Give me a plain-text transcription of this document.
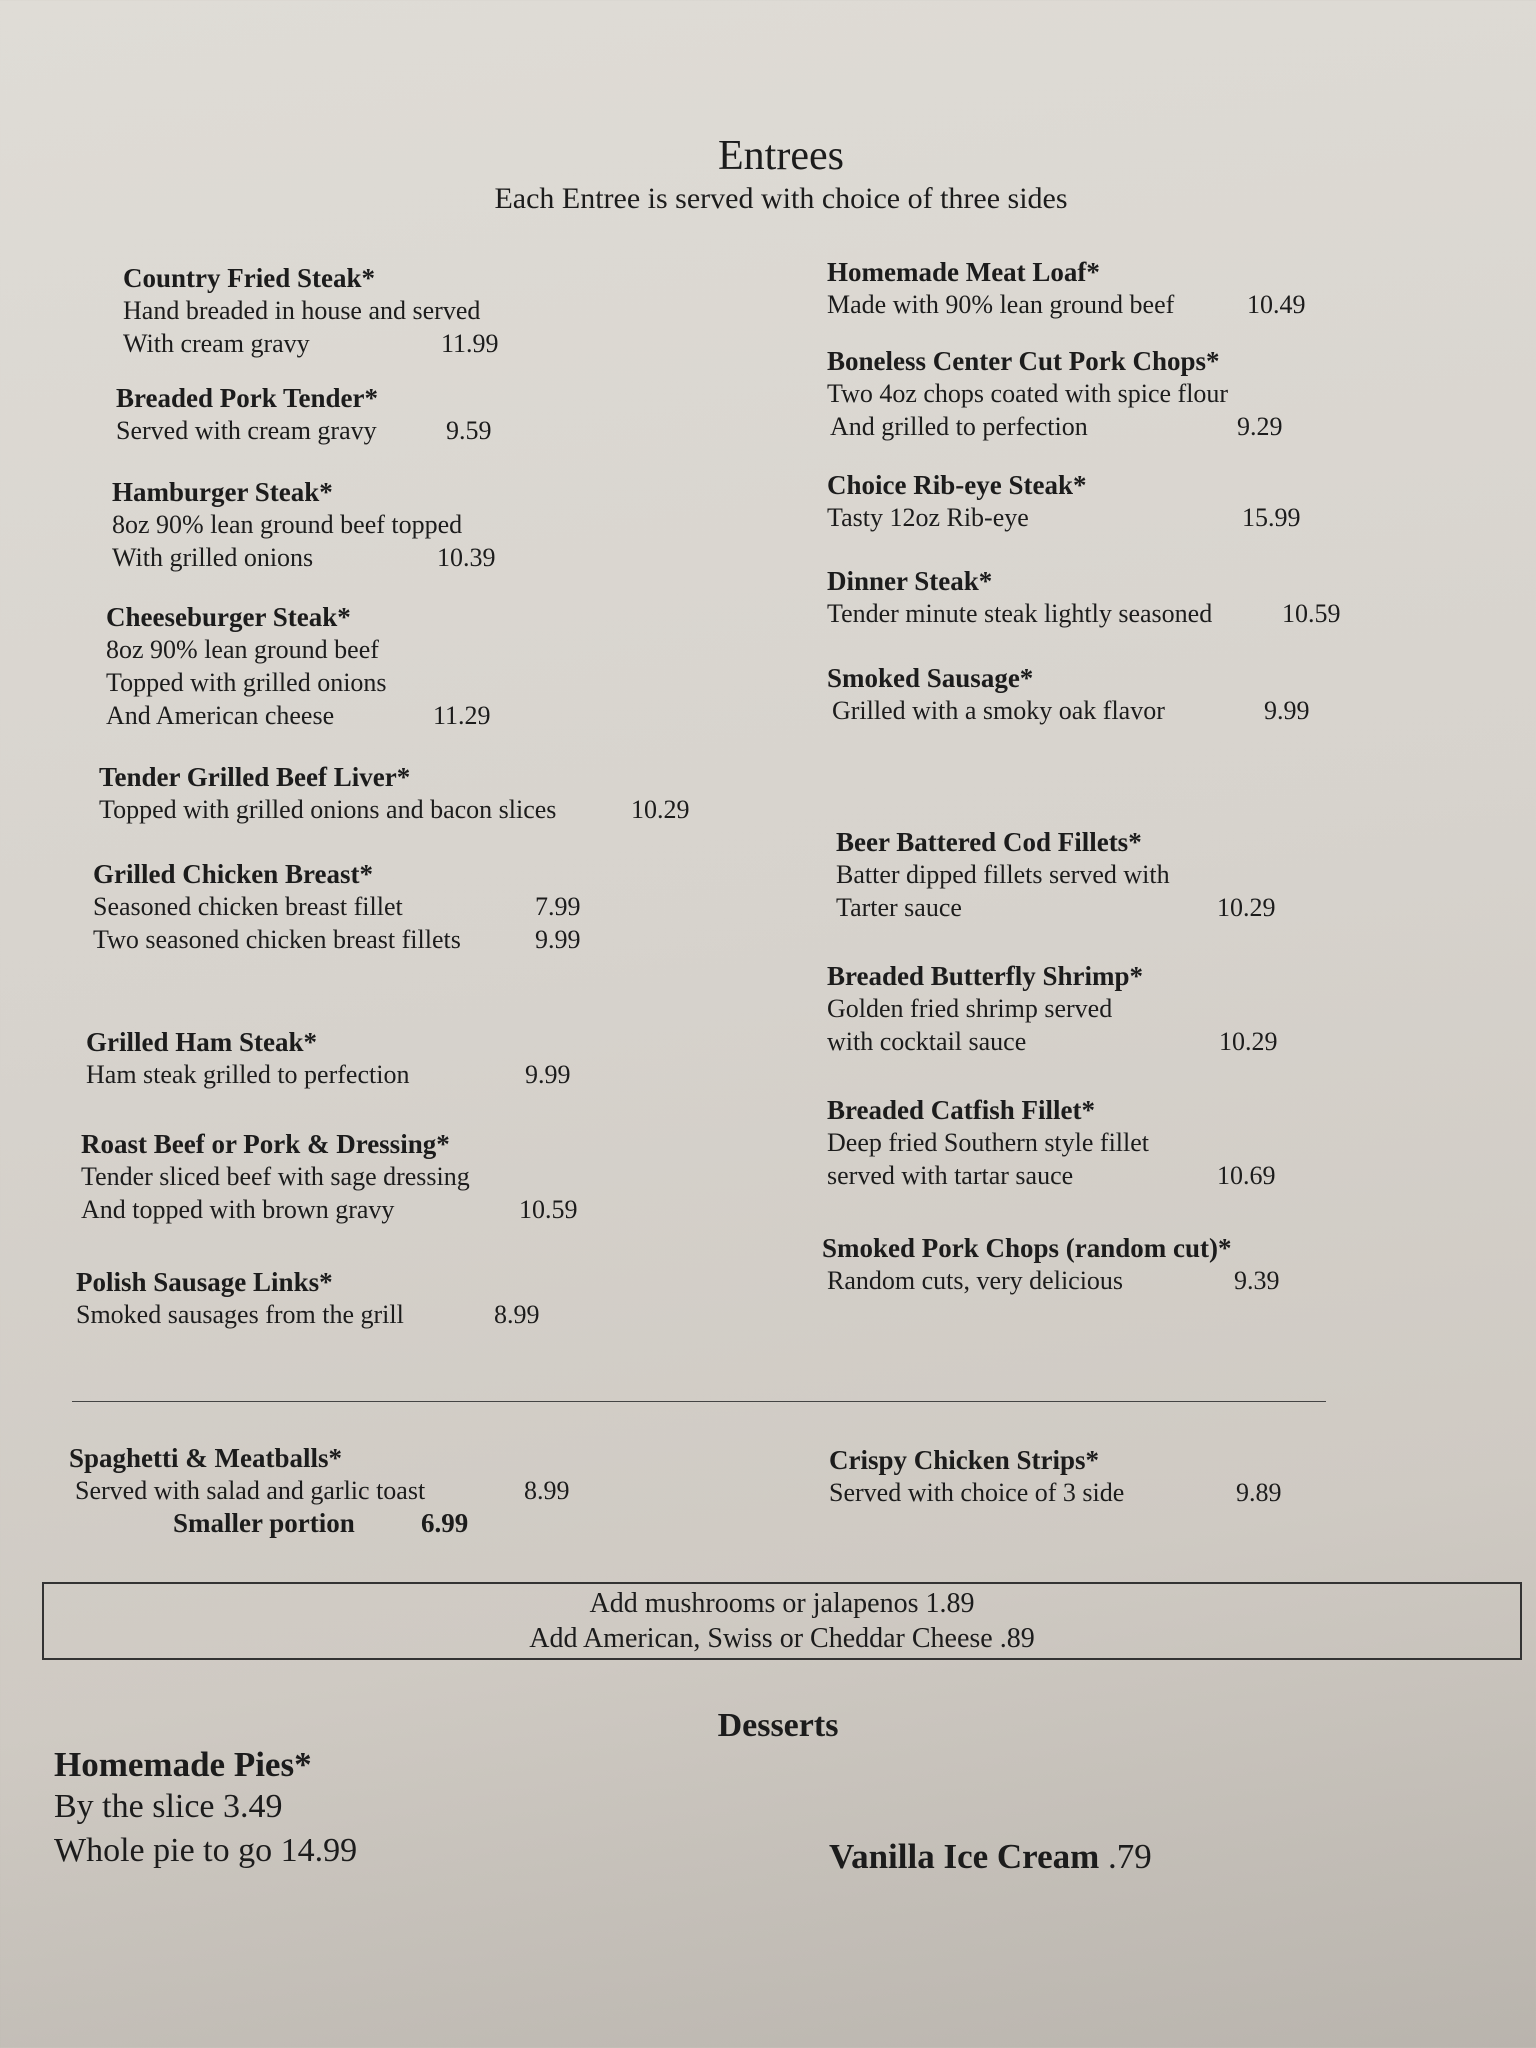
Entrees
Each Entree is served with choice of three sides
Country Fried Steak*
Hand breaded in house and served
With cream gravy	11.99
Breaded Pork Tender*
Served with cream gravy	9.59
Hamburger Steak*
8oz 90% lean ground beef topped
With grilled onions	10.39
Cheeseburger Steak*
8oz 90% lean ground beef
Topped with grilled onions
And American cheese	11.29
Tender Grilled Beef Liver*
Topped with grilled onions and bacon slices	10.29
Grilled Chicken Breast*
Seasoned chicken breast fillet	7.99
Two seasoned chicken breast fillets	9.99
Grilled Ham Steak*
Ham steak grilled to perfection	9.99
Roast Beef or Pork & Dressing*
Tender sliced beef with sage dressing
And topped with brown gravy	10.59
Polish Sausage Links*
Smoked sausages from the grill	8.99
Homemade Meat Loaf*
Made with 90% lean ground beef	10.49
Boneless Center Cut Pork Chops*
Two 4oz chops coated with spice flour
And grilled to perfection	9.29
Choice Rib-eye Steak*
Tasty 12oz Rib-eye	15.99
Dinner Steak*
Tender minute steak lightly seasoned	10.59
Smoked Sausage*
Grilled with a smoky oak flavor	9.99
Beer Battered Cod Fillets*
Batter dipped fillets served with
Tarter sauce	10.29
Breaded Butterfly Shrimp*
Golden fried shrimp served
with cocktail sauce	10.29
Breaded Catfish Fillet*
Deep fried Southern style fillet
served with tartar sauce	10.69
Smoked Pork Chops (random cut)*
Random cuts, very delicious	9.39
Spaghetti & Meatballs*
Served with salad and garlic toast	8.99
Smaller portion 6.99
Crispy Chicken Strips*
Served with choice of 3 side	9.89
Add mushrooms or jalapenos 1.89
Add American, Swiss or Cheddar Cheese .89
Desserts
Homemade Pies*
By the slice 3.49
Whole pie to go 14.99	Vanilla Ice Cream .79
